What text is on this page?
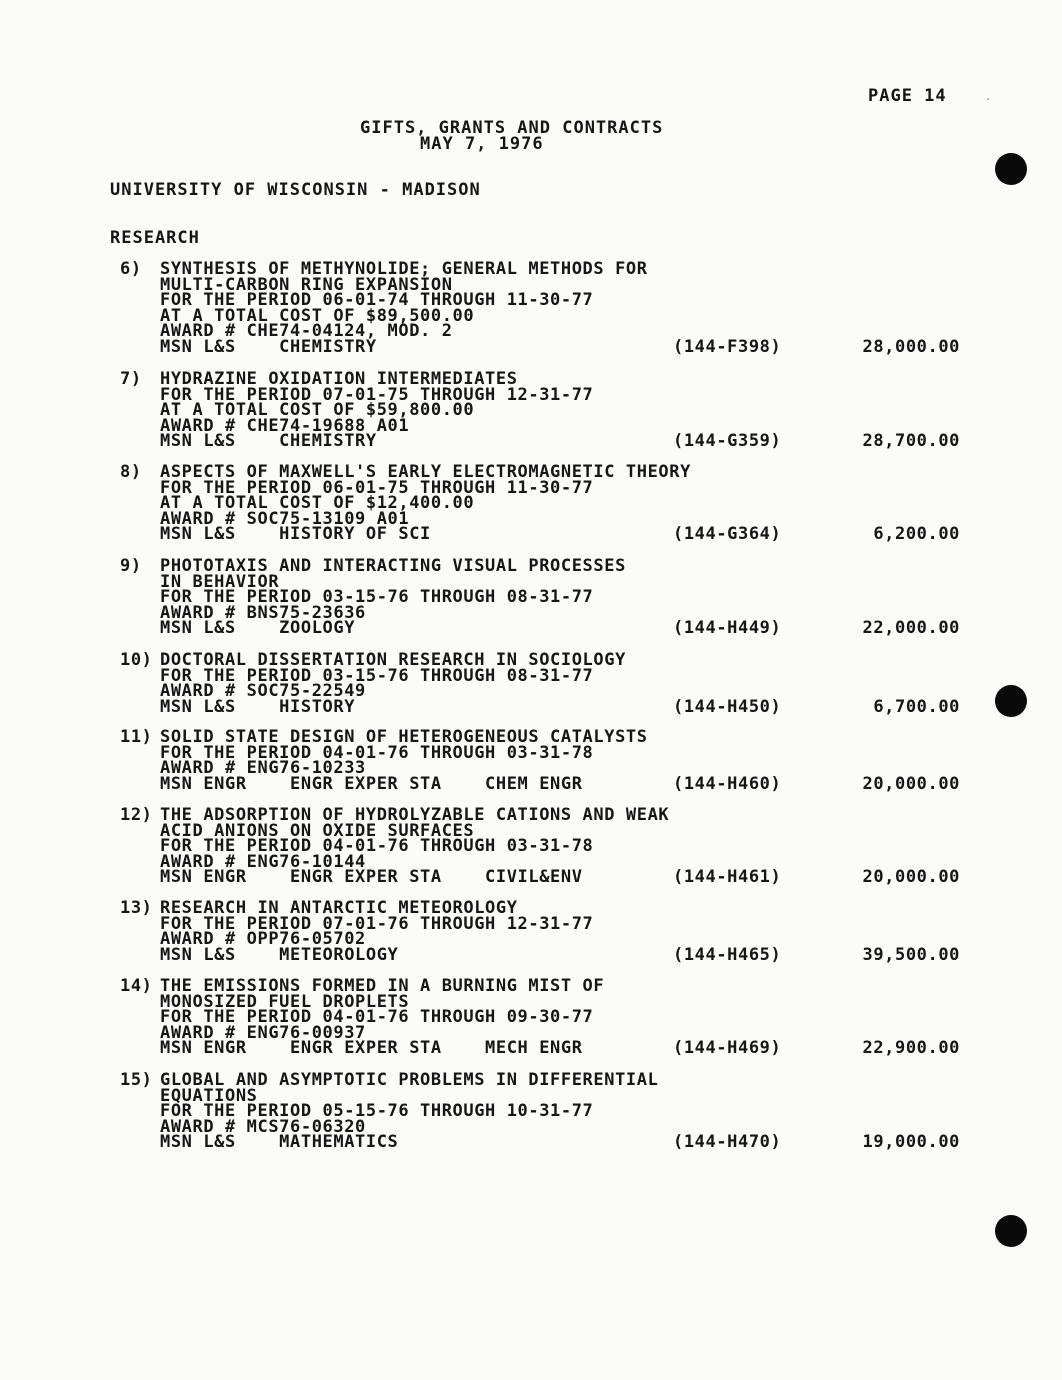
PAGE 14
GIFTS, GRANTS AND CONTRACTS
MAY 7, 1976
UNIVERSITY OF WISCONSIN - MADISON
RESEARCH
6) SYNTHESIS OF METHYNOLIDE; GENERAL METHODS FOR
MULTI-CARBON RING EXPANSION
FOR THE PERIOD 06-01-74 THROUGH 11-30-77
AT A TOTAL COST OF $89,500.00
AWARD # CHE74-04124, MOD. 2
MSN L&S    CHEMISTRY	(144-F398)	28,000.00
7) HYDRAZINE OXIDATION INTERMEDIATES
FOR THE PERIOD 07-01-75 THROUGH 12-31-77
AT A TOTAL COST OF $59,800.00
AWARD # CHE74-19688 A01
MSN L&S    CHEMISTRY	(144-G359)	28,700.00
8) ASPECTS OF MAXWELL'S EARLY ELECTROMAGNETIC THEORY
FOR THE PERIOD 06-01-75 THROUGH 11-30-77
AT A TOTAL COST OF $12,400.00
AWARD # SOC75-13109 A01
MSN L&S    HISTORY OF SCI	(144-G364)	6,200.00
9) PHOTOTAXIS AND INTERACTING VISUAL PROCESSES
IN BEHAVIOR
FOR THE PERIOD 03-15-76 THROUGH 08-31-77
AWARD # BNS75-23636
MSN L&S    ZOOLOGY	(144-H449)	22,000.00
10) DOCTORAL DISSERTATION RESEARCH IN SOCIOLOGY
FOR THE PERIOD 03-15-76 THROUGH 08-31-77
AWARD # SOC75-22549
MSN L&S    HISTORY	(144-H450)	6,700.00
11) SOLID STATE DESIGN OF HETEROGENEOUS CATALYSTS
FOR THE PERIOD 04-01-76 THROUGH 03-31-78
AWARD # ENG76-10233
MSN ENGR    ENGR EXPER STA    CHEM ENGR	(144-H460)	20,000.00
12) THE ADSORPTION OF HYDROLYZABLE CATIONS AND WEAK
ACID ANIONS ON OXIDE SURFACES
FOR THE PERIOD 04-01-76 THROUGH 03-31-78
AWARD # ENG76-10144
MSN ENGR    ENGR EXPER STA    CIVIL&ENV	(144-H461)	20,000.00
13) RESEARCH IN ANTARCTIC METEOROLOGY
FOR THE PERIOD 07-01-76 THROUGH 12-31-77
AWARD # OPP76-05702
MSN L&S    METEOROLOGY	(144-H465)	39,500.00
14) THE EMISSIONS FORMED IN A BURNING MIST OF
MONOSIZED FUEL DROPLETS
FOR THE PERIOD 04-01-76 THROUGH 09-30-77
AWARD # ENG76-00937
MSN ENGR    ENGR EXPER STA    MECH ENGR	(144-H469)	22,900.00
15) GLOBAL AND ASYMPTOTIC PROBLEMS IN DIFFERENTIAL
EQUATIONS
FOR THE PERIOD 05-15-76 THROUGH 10-31-77
AWARD # MCS76-06320
MSN L&S    MATHEMATICS	(144-H470)	19,000.00
·
